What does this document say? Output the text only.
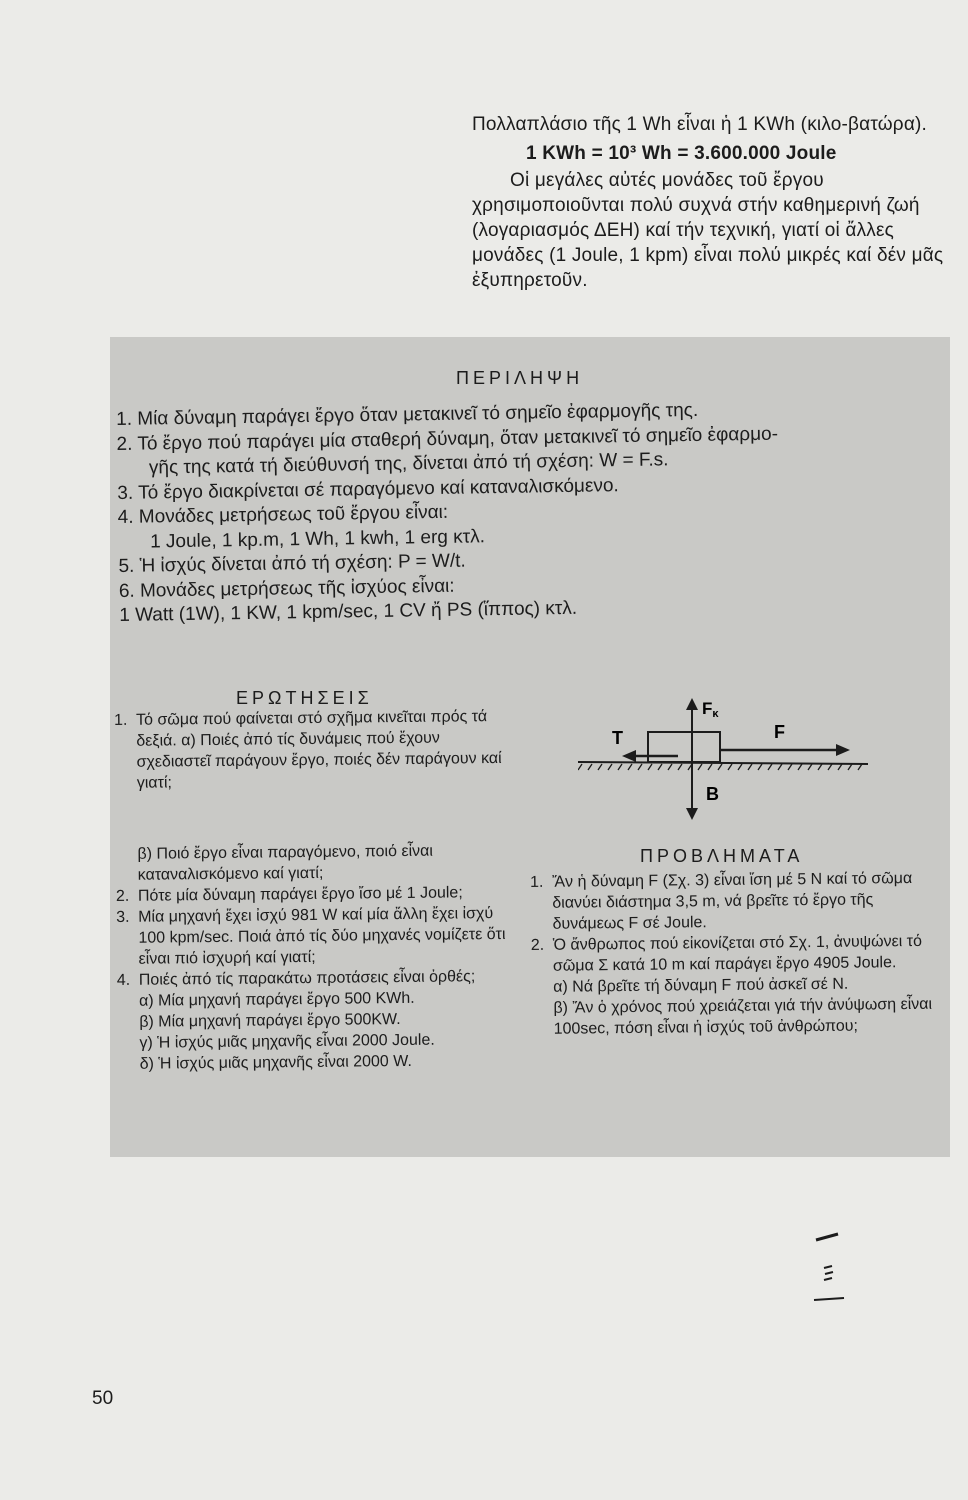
Πολλαπλάσιο τῆς 1 Wh εἶναι ἡ 1 KWh (κιλο-βατώρα).

1 KWh = 10³ Wh = 3.600.000 Joule

Οἱ μεγάλες αὐτές μονάδες τοῦ ἔργου χρησιμοποιοῦνται πολύ συχνά στήν καθημερινή ζωή (λογαριασμός ΔΕΗ) καί τήν τεχνική, γιατί οἱ ἄλλες μονάδες (1 Joule, 1 kpm) εἶναι πολύ μικρές καί δέν μᾶς ἐξυπηρετοῦν.

ΠΕΡΙΛΗΨΗ
1. Μία δύναμη παράγει ἔργο ὅταν μετακινεῖ τό σημεῖο ἐφαρμογῆς της.
2. Τό ἔργο πού παράγει μία σταθερή δύναμη, ὅταν μετακινεῖ τό σημεῖο ἐφαρμο-
γῆς της κατά τή διεύθυνσή της, δίνεται ἀπό τή σχέση: W = F.s.
3. Τό ἔργο διακρίνεται σέ παραγόμενο καί καταναλισκόμενο.
4. Μονάδες μετρήσεως τοῦ ἔργου εἶναι:
1 Joule, 1 kp.m, 1 Wh, 1 kwh, 1 erg κτλ.
5. Ἡ ἰσχύς δίνεται ἀπό τή σχέση: P = W/t.
6. Μονάδες μετρήσεως τῆς ἰσχύος εἶναι:
1 Watt (1W), 1 KW, 1 kpm/sec, 1 CV ἤ PS (ἵππος) κτλ.
ΕΡΩΤΗΣΕΙΣ
1. Τό σῶμα πού φαίνεται στό σχῆμα κινεῖται πρός τά δεξιά. α) Ποιές ἀπό τίς δυνάμεις πού ἔχουν σχεδιαστεῖ παράγουν ἔργο, ποιές δέν παράγουν καί γιατί;
β) Ποιό ἔργο εἶναι παραγόμενο, ποιό εἶναι καταναλισκόμενο καί γιατί;
2. Πότε μία δύναμη παράγει ἔργο ἴσο μέ 1 Joule;
3. Μία μηχανή ἔχει ἰσχύ 981 W καί μία ἄλλη ἔχει ἰσχύ 100 kpm/sec. Ποιά ἀπό τίς δύο μηχανές νομίζετε ὅτι εἶναι πιό ἰσχυρή καί γιατί;
4. Ποιές ἀπό τίς παρακάτω προτάσεις εἶναι ὀρθές;
α) Μία μηχανή παράγει ἔργο 500 KWh.
β) Μία μηχανή παράγει ἔργο 500KW.
γ) Ἡ ἰσχύς μιᾶς μηχανῆς εἶναι 2000 Joule.
δ) Ἡ ἰσχύς μιᾶς μηχανῆς εἶναι 2000 W.
Fκ
T	F
B
ΠΡΟΒΛΗΜΑΤΑ
1. Ἄν ἡ δύναμη F (Σχ. 3) εἶναι ἴση μέ 5 N καί τό σῶμα διανύει διάστημα 3,5 m, νά βρεῖτε τό ἔργο τῆς δυνάμεως F σέ Joule.
2. Ὁ ἄνθρωπος πού εἰκονίζεται στό Σχ. 1, ἀνυψώνει τό σῶμα Σ κατά 10 m καί παράγει ἔργο 4905 Joule.
α) Νά βρεῖτε τή δύναμη F πού ἀσκεῖ σέ N.
β) Ἄν ὁ χρόνος πού χρειάζεται γιά τήν ἀνύψωση εἶναι 100sec, πόση εἶναι ἡ ἰσχύς τοῦ ἀνθρώπου;
50
